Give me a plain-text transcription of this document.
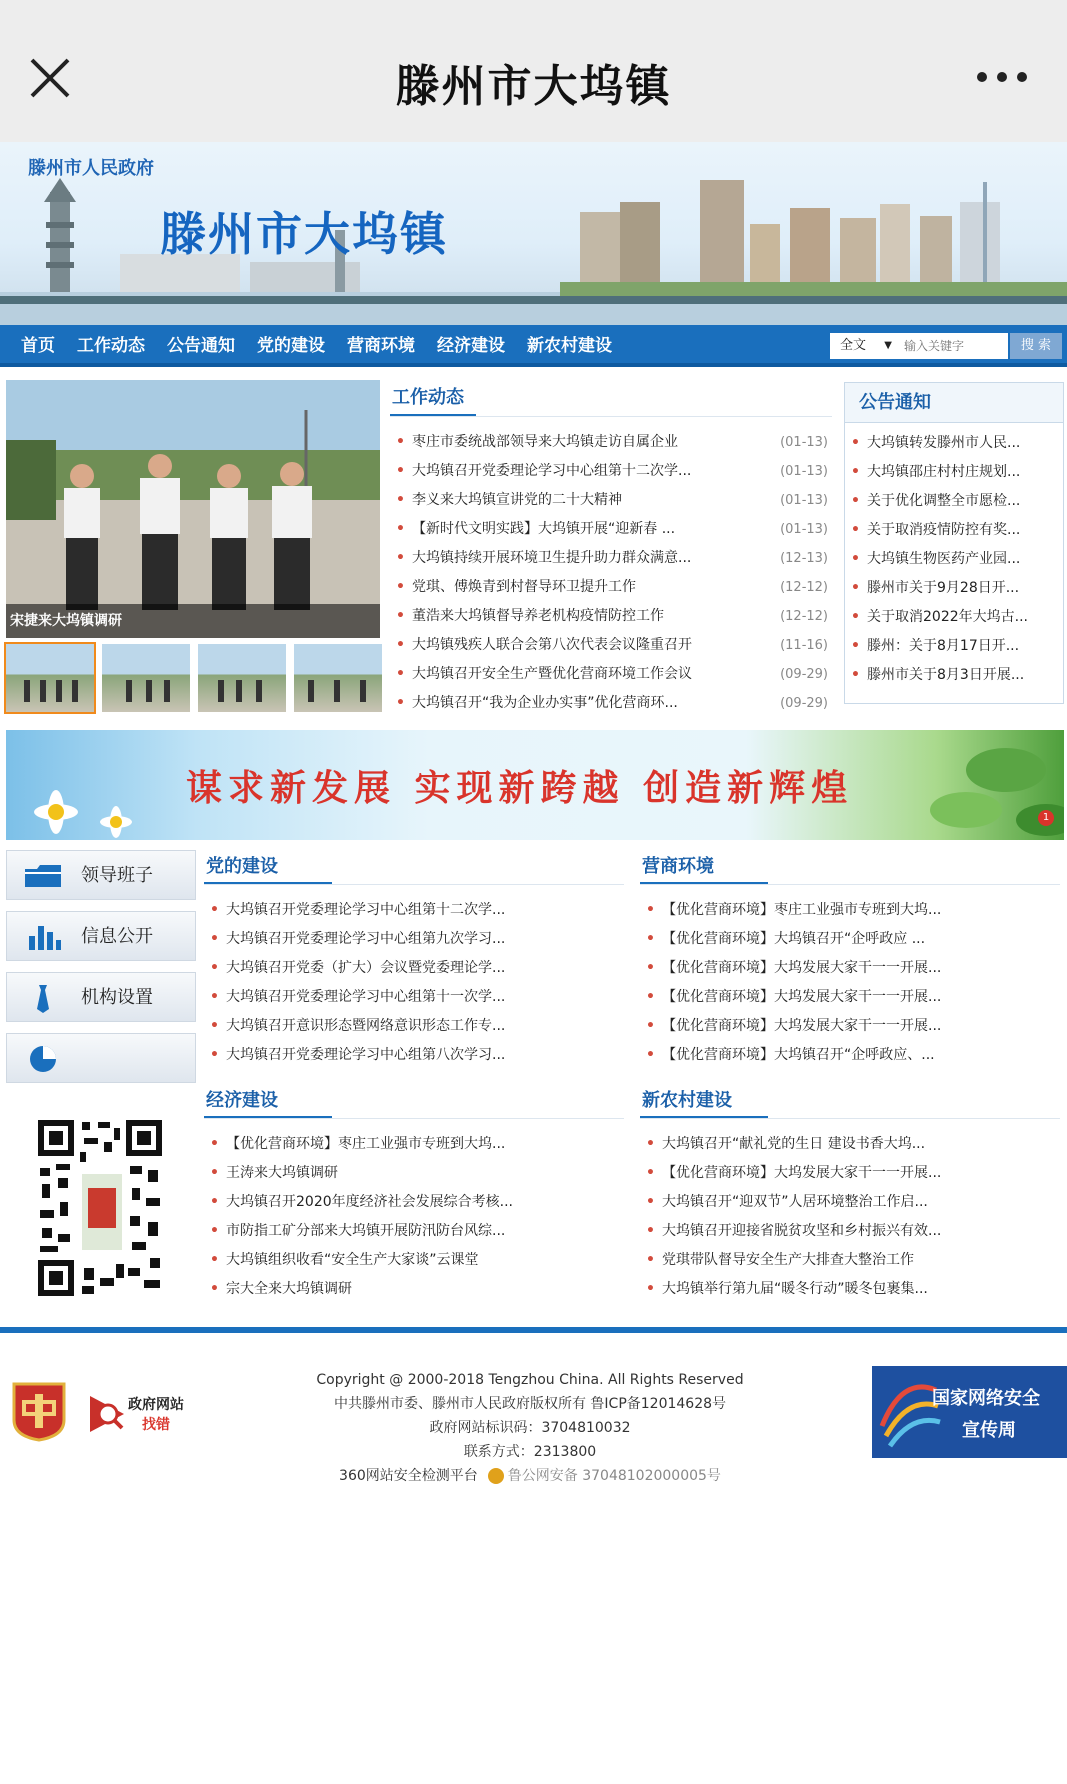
滕州市大坞镇
滕州市人民政府
滕州市大坞镇
首页	工作动态	公告通知	党的建设	营商环境	经济建设	新农村建设	全文 ▼
输入关键字	搜 索
宋捷来大坞镇调研
工作动态
• 枣庄市委统战部领导来大坞镇走访自属企业	(01-13)
• 大坞镇召开党委理论学习中心组第十二次学...	(01-13)
• 李义来大坞镇宣讲党的二十大精神	(01-13)
• 【新时代文明实践】大坞镇开展“迎新春 ...	(01-13)
• 大坞镇持续开展环境卫生提升助力群众满意...	(12-13)
• 党琪、傅焕青到村督导环卫提升工作	(12-12)
• 董浩来大坞镇督导养老机构疫情防控工作	(12-12)
• 大坞镇残疾人联合会第八次代表会议隆重召开	(11-16)
• 大坞镇召开安全生产暨优化营商环境工作会议	(09-29)
• 大坞镇召开“我为企业办实事”优化营商环...	(09-29)
公告通知
• 大坞镇转发滕州市人民...
• 大坞镇邵庄村村庄规划...
• 关于优化调整全市愿检...
• 关于取消疫情防控有奖...
• 大坞镇生物医药产业园...
• 滕州市关于9月28日开...
• 关于取消2022年大坞古...
• 滕州：关于8月17日开...
• 滕州市关于8月3日开展...
谋求新发展 实现新跨越 创造新辉煌
1
领导班子
信息公开
机构设置
党的建设
• 大坞镇召开党委理论学习中心组第十二次学...
• 大坞镇召开党委理论学习中心组第九次学习...
• 大坞镇召开党委（扩大）会议暨党委理论学...
• 大坞镇召开党委理论学习中心组第十一次学...
• 大坞镇召开意识形态暨网络意识形态工作专...
• 大坞镇召开党委理论学习中心组第八次学习...
营商环境
• 【优化营商环境】枣庄工业强市专班到大坞...
• 【优化营商环境】大坞镇召开“企呼政应 ...
• 【优化营商环境】大坞发展大家干一一开展...
• 【优化营商环境】大坞发展大家干一一开展...
• 【优化营商环境】大坞发展大家干一一开展...
• 【优化营商环境】大坞镇召开“企呼政应、...
经济建设
• 【优化营商环境】枣庄工业强市专班到大坞...
• 王涛来大坞镇调研
• 大坞镇召开2020年度经济社会发展综合考核...
• 市防指工矿分部来大坞镇开展防汛防台风综...
• 大坞镇组织收看“安全生产大家谈”云课堂
• 宗大全来大坞镇调研
新农村建设
• 大坞镇召开“献礼党的生日 建设书香大坞...
• 【优化营商环境】大坞发展大家干一一开展...
• 大坞镇召开“迎双节”人居环境整治工作启...
• 大坞镇召开迎接省脱贫攻坚和乡村振兴有效...
• 党琪带队督导安全生产大排查大整治工作
• 大坞镇举行第九届“暖冬行动”暖冬包裹集...
政府网站
找错
Copyright @ 2000-2018 Tengzhou China. All Rights Reserved
中共滕州市委、滕州市人民政府版权所有 鲁ICP备12014628号
政府网站标识码：3704810032
联系方式：2313800
360网站安全检测平台	鲁公网安备 37048102000005号
国家网络安全
宣传周
